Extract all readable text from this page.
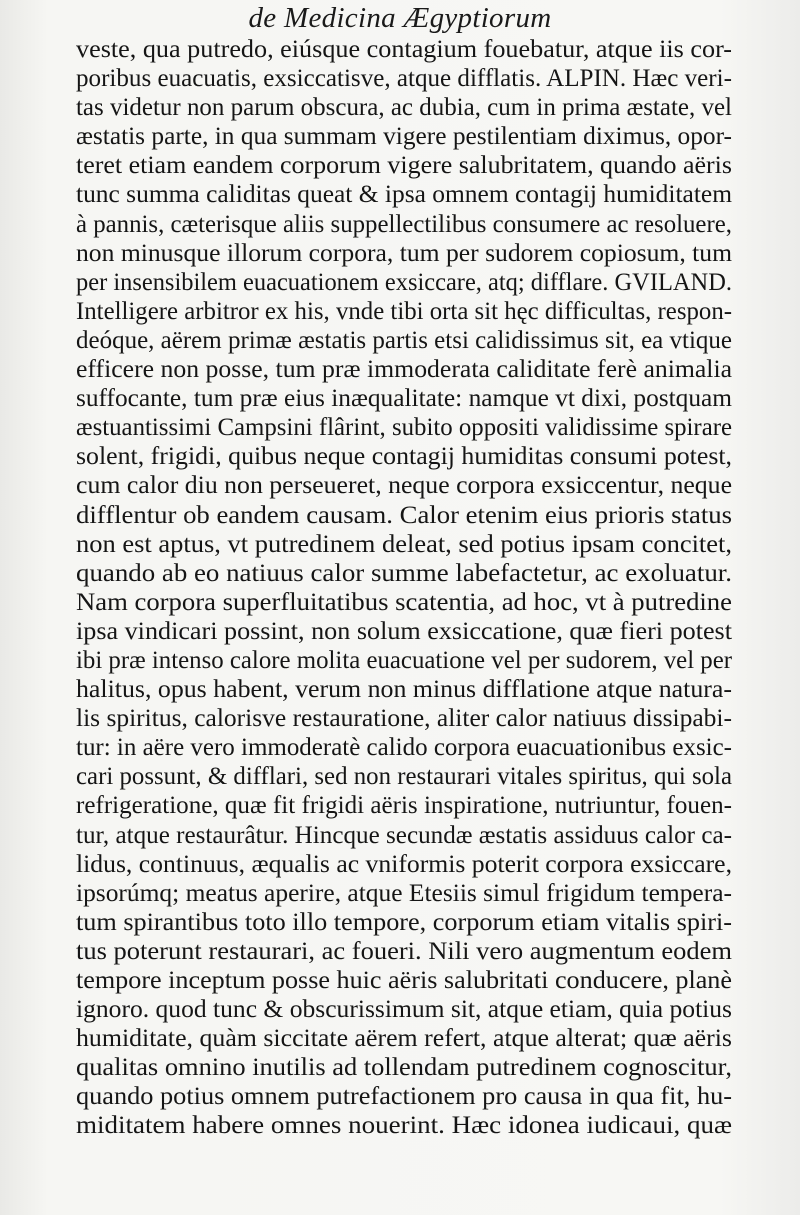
de Medicina Ægyptiorum
veste, qua putredo, eiúsque contagium fouebatur, atque iis cor-
poribus euacuatis, exsiccatisve, atque difflatis. ALPIN. Hæc veri-
tas videtur non parum obscura, ac dubia, cum in prima æstate, vel
æstatis parte, in qua summam vigere pestilentiam diximus, opor-
teret etiam eandem corporum vigere salubritatem, quando aëris
tunc summa caliditas queat & ipsa omnem contagij humiditatem
à pannis, cæterisque aliis suppellectilibus consumere ac resoluere,
non minusque illorum corpora, tum per sudorem copiosum, tum
per insensibilem euacuationem exsiccare, atq; difflare. GVILAND.
Intelligere arbitror ex his, vnde tibi orta sit hęc difficultas, respon-
deóque, aërem primæ æstatis partis etsi calidissimus sit, ea vtique
efficere non posse, tum præ immoderata caliditate ferè animalia
suffocante, tum præ eius inæqualitate: namque vt dixi, postquam
æstuantissimi Campsini flârint, subito oppositi validissime spirare
solent, frigidi, quibus neque contagij humiditas consumi potest,
cum calor diu non perseueret, neque corpora exsiccentur, neque
difflentur ob eandem causam. Calor etenim eius prioris status
non est aptus, vt putredinem deleat, sed potius ipsam concitet,
quando ab eo natiuus calor summe labefactetur, ac exoluatur.
Nam corpora superfluitatibus scatentia, ad hoc, vt à putredine
ipsa vindicari possint, non solum exsiccatione, quæ fieri potest
ibi præ intenso calore molita euacuatione vel per sudorem, vel per
halitus, opus habent, verum non minus difflatione atque natura-
lis spiritus, calorisve restauratione, aliter calor natiuus dissipabi-
tur: in aëre vero immoderatè calido corpora euacuationibus exsic-
cari possunt, & difflari, sed non restaurari vitales spiritus, qui sola
refrigeratione, quæ fit frigidi aëris inspiratione, nutriuntur, fouen-
tur, atque restaurâtur. Hincque secundæ æstatis assiduus calor ca-
lidus, continuus, æqualis ac vniformis poterit corpora exsiccare,
ipsorúmq; meatus aperire, atque Etesiis simul frigidum tempera-
tum spirantibus toto illo tempore, corporum etiam vitalis spiri-
tus poterunt restaurari, ac foueri. Nili vero augmentum eodem
tempore inceptum posse huic aëris salubritati conducere, planè
ignoro. quod tunc & obscurissimum sit, atque etiam, quia potius
humiditate, quàm siccitate aërem refert, atque alterat; quæ aëris
qualitas omnino inutilis ad tollendam putredinem cognoscitur,
quando potius omnem putrefactionem pro causa in qua fit, hu-
miditatem habere omnes nouerint. Hæc idonea iudicaui, quæ
